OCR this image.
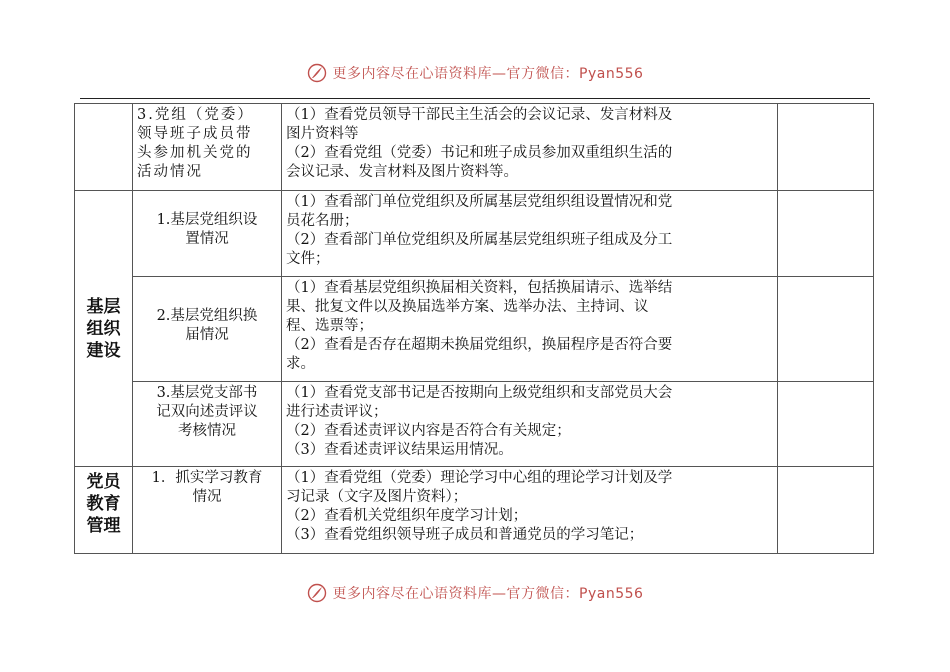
更多内容尽在心语资料库—官方微信：Pyan556

	3.党组（党委）
领导班子成员带
头参加机关党的
活动情况	（1）查看党员领导干部民主生活会的会议记录、发言材料及
图片资料等
（2）查看党组（党委）书记和班子成员参加双重组织生活的
会议记录、发言材料及图片资料等。	

基层
组织
建设	1.基层党组织设
置情况	（1）查看部门单位党组织及所属基层党组织组设置情况和党
员花名册；
（2）查看部门单位党组织及所属基层党组织班子组成及分工
文件；	

	2.基层党组织换
届情况	（1）查看基层党组织换届相关资料，包括换届请示、选举结
果、批复文件以及换届选举方案、选举办法、主持词、议
程、选票等；
（2）查看是否存在超期未换届党组织，换届程序是否符合要
求。	

	3.基层党支部书
记双向述责评议
考核情况	（1）查看党支部书记是否按期向上级党组织和支部党员大会
进行述责评议；
（2）查看述责评议内容是否符合有关规定；
（3）查看述责评议结果运用情况。	

党员
教育
管理	1．抓实学习教育
情况	（1）查看党组（党委）理论学习中心组的理论学习计划及学
习记录（文字及图片资料）；
（2）查看机关党组织年度学习计划；
（3）查看党组织领导班子成员和普通党员的学习笔记；	

更多内容尽在心语资料库—官方微信：Pyan556
